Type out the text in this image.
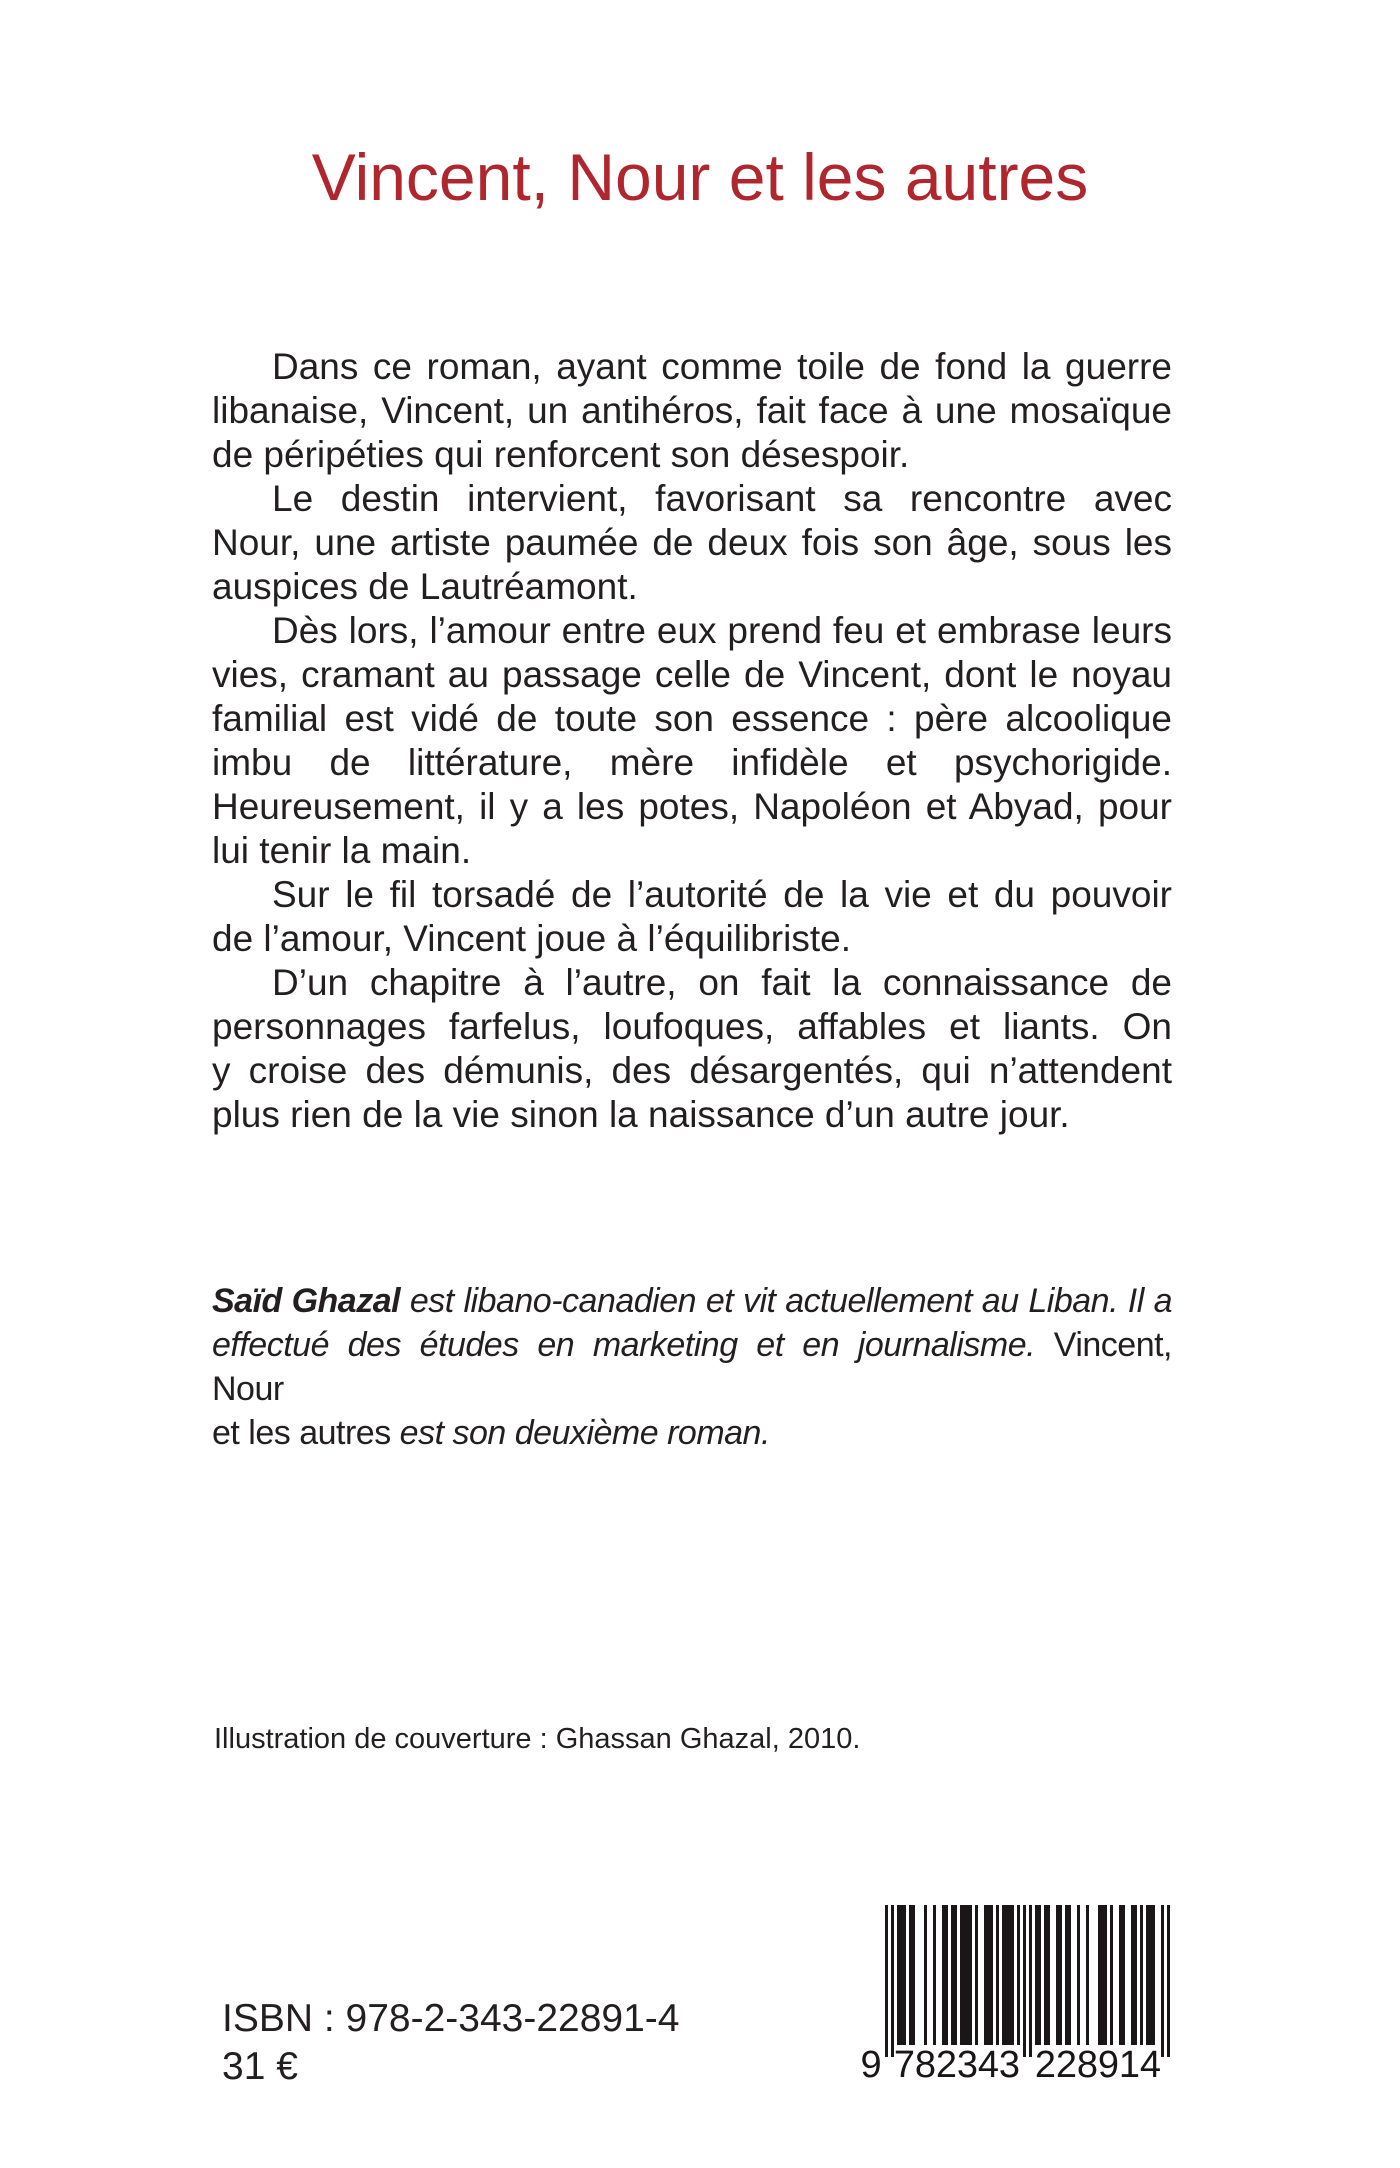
Vincent, Nour et les autres
Dans ce roman, ayant comme toile de fond la guerre
libanaise, Vincent, un antihéros, fait face à une mosaïque
de péripéties qui renforcent son désespoir.
Le destin intervient, favorisant sa rencontre avec
Nour, une artiste paumée de deux fois son âge, sous les
auspices de Lautréamont.
Dès lors, l’amour entre eux prend feu et embrase leurs
vies, cramant au passage celle de Vincent, dont le noyau
familial est vidé de toute son essence : père alcoolique
imbu de littérature, mère infidèle et psychorigide.
Heureusement, il y a les potes, Napoléon et Abyad, pour
lui tenir la main.
Sur le fil torsadé de l’autorité de la vie et du pouvoir
de l’amour, Vincent joue à l’équilibriste.
D’un chapitre à l’autre, on fait la connaissance de
personnages farfelus, loufoques, affables et liants. On
y croise des démunis, des désargentés, qui n’attendent
plus rien de la vie sinon la naissance d’un autre jour.
Saïd Ghazal est libano-canadien et vit actuellement au Liban. Il a
effectué des études en marketing et en journalisme. Vincent, Nour
et les autres est son deuxième roman.
Illustration de couverture : Ghassan Ghazal, 2010.
ISBN : 978-2-343-22891-4
31 €	9 7 8 2 3 4 3 2 2 8 9 1 4
